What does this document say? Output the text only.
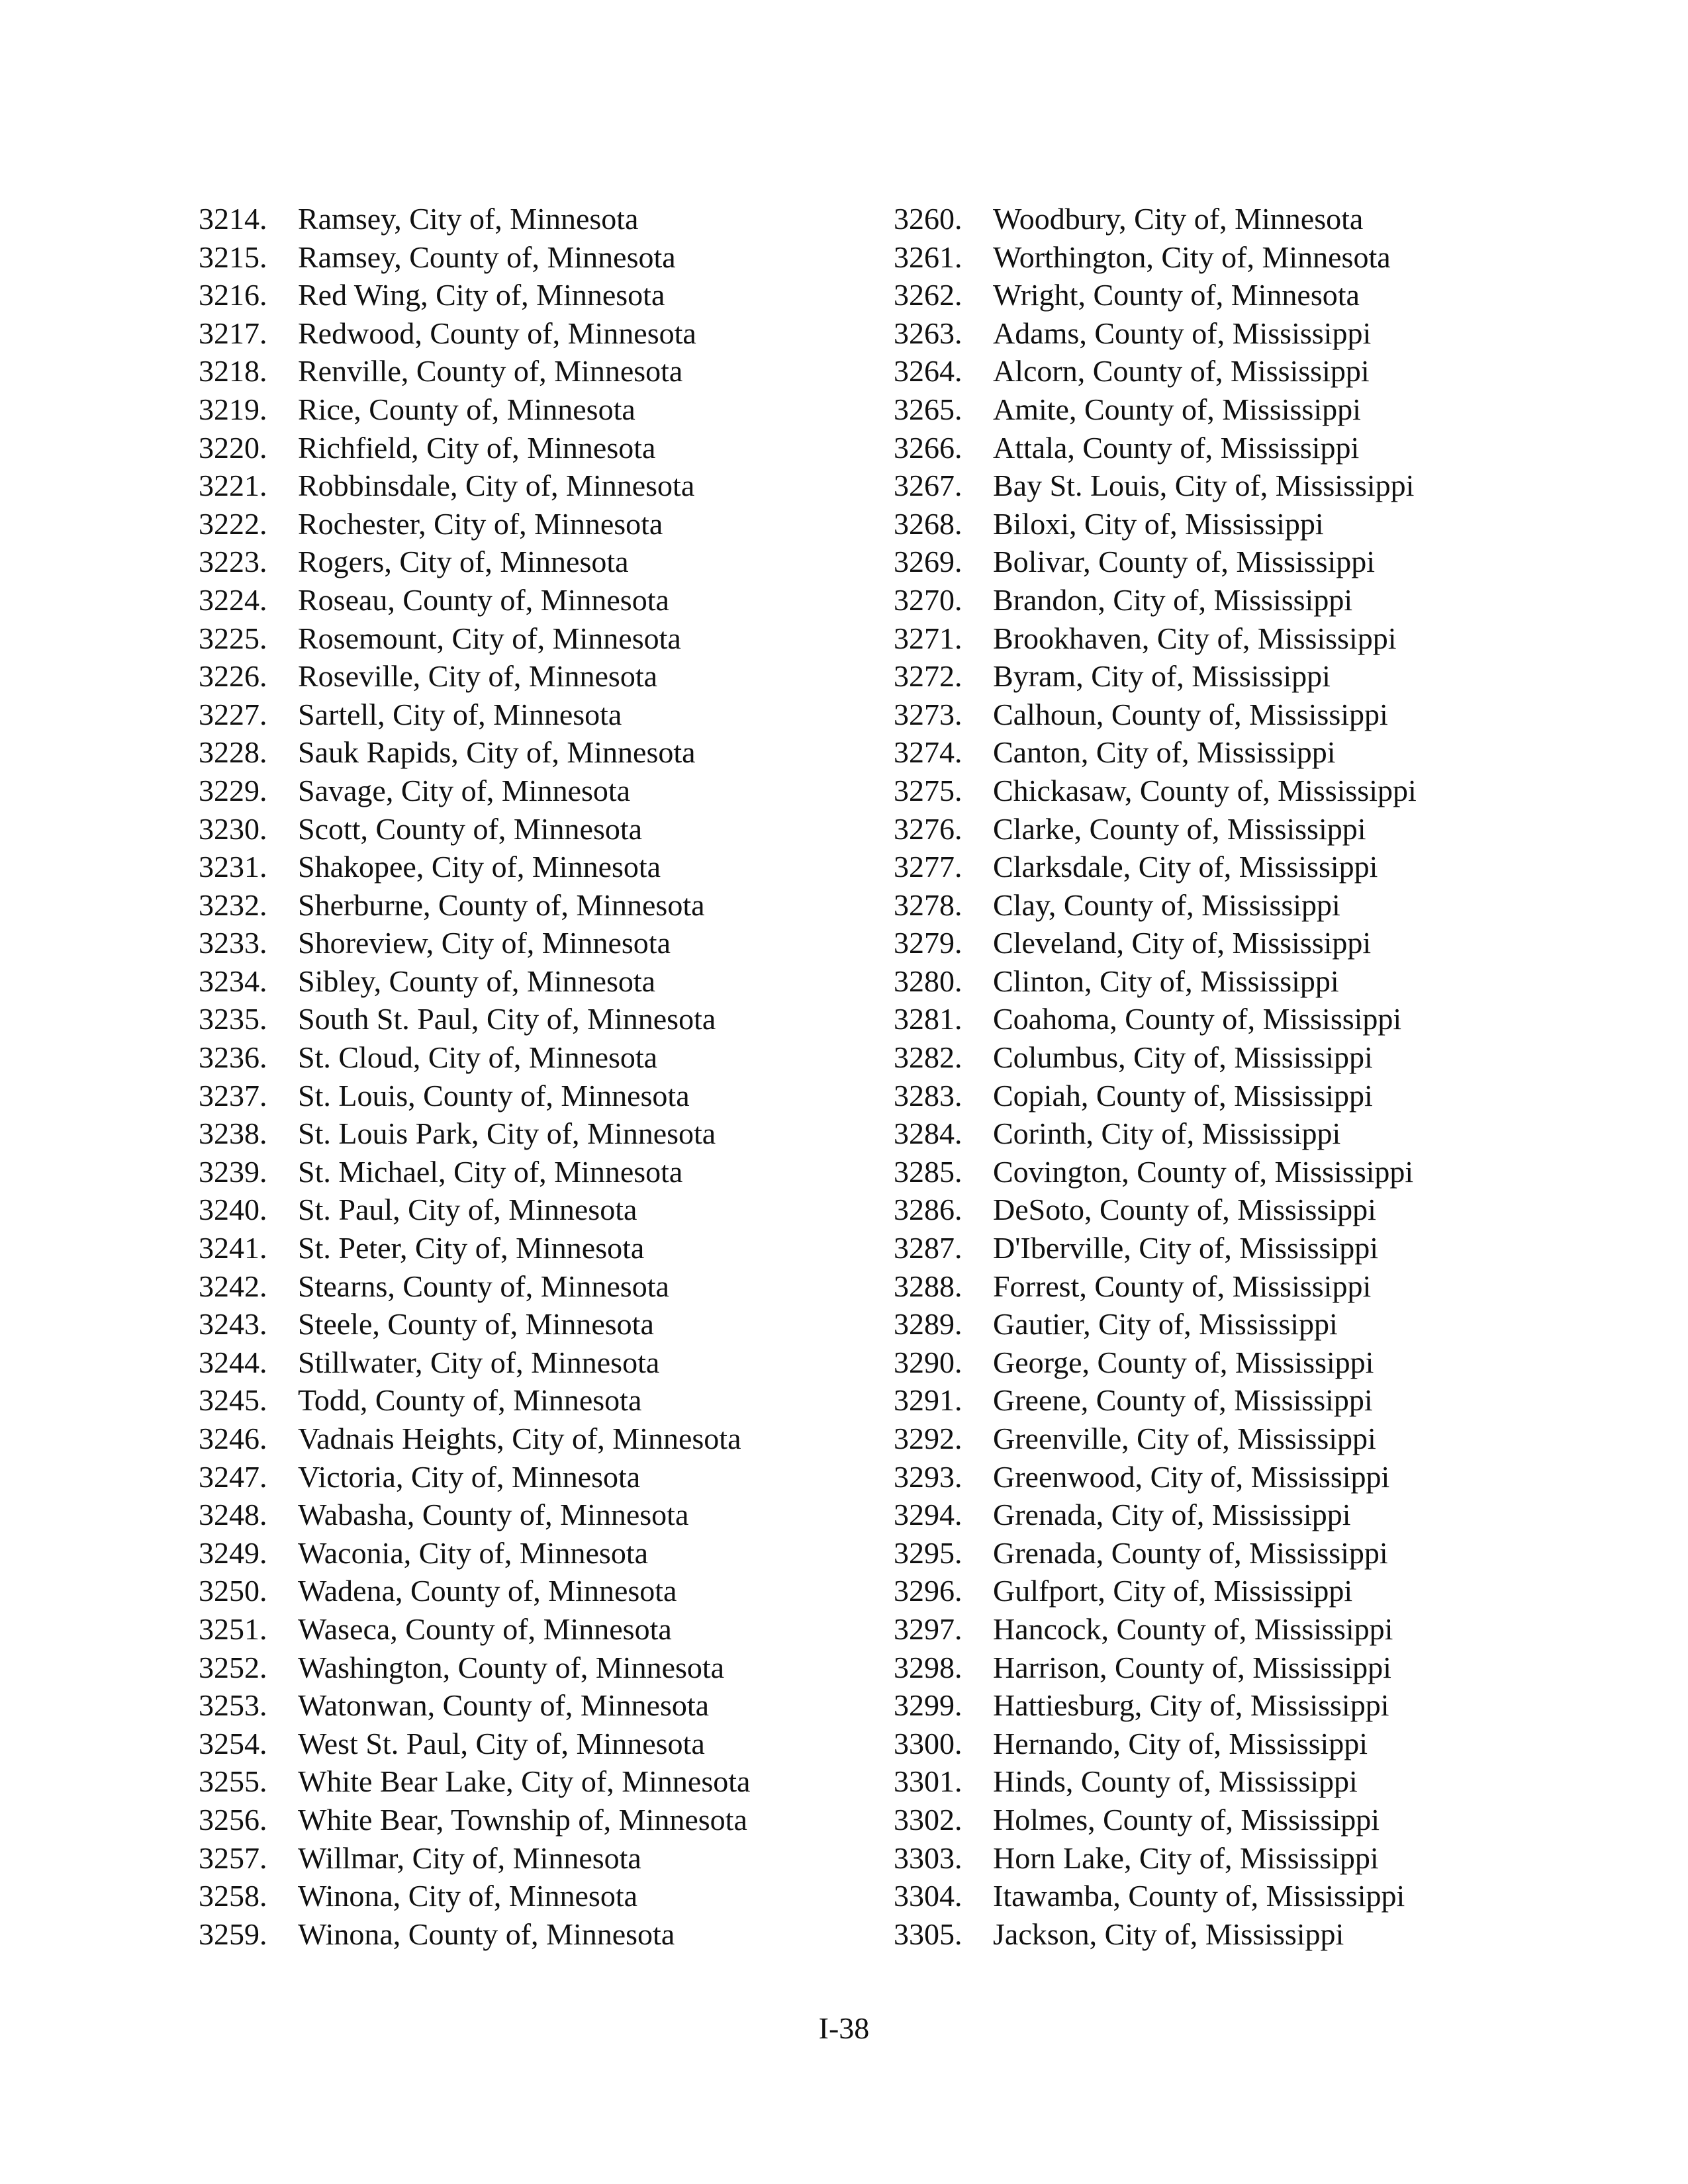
3214. Ramsey, City of, Minnesota
3215. Ramsey, County of, Minnesota
3216. Red Wing, City of, Minnesota
3217. Redwood, County of, Minnesota
3218. Renville, County of, Minnesota
3219. Rice, County of, Minnesota
3220. Richfield, City of, Minnesota
3221. Robbinsdale, City of, Minnesota
3222. Rochester, City of, Minnesota
3223. Rogers, City of, Minnesota
3224. Roseau, County of, Minnesota
3225. Rosemount, City of, Minnesota
3226. Roseville, City of, Minnesota
3227. Sartell, City of, Minnesota
3228. Sauk Rapids, City of, Minnesota
3229. Savage, City of, Minnesota
3230. Scott, County of, Minnesota
3231. Shakopee, City of, Minnesota
3232. Sherburne, County of, Minnesota
3233. Shoreview, City of, Minnesota
3234. Sibley, County of, Minnesota
3235. South St. Paul, City of, Minnesota
3236. St. Cloud, City of, Minnesota
3237. St. Louis, County of, Minnesota
3238. St. Louis Park, City of, Minnesota
3239. St. Michael, City of, Minnesota
3240. St. Paul, City of, Minnesota
3241. St. Peter, City of, Minnesota
3242. Stearns, County of, Minnesota
3243. Steele, County of, Minnesota
3244. Stillwater, City of, Minnesota
3245. Todd, County of, Minnesota
3246. Vadnais Heights, City of, Minnesota
3247. Victoria, City of, Minnesota
3248. Wabasha, County of, Minnesota
3249. Waconia, City of, Minnesota
3250. Wadena, County of, Minnesota
3251. Waseca, County of, Minnesota
3252. Washington, County of, Minnesota
3253. Watonwan, County of, Minnesota
3254. West St. Paul, City of, Minnesota
3255. White Bear Lake, City of, Minnesota
3256. White Bear, Township of, Minnesota
3257. Willmar, City of, Minnesota
3258. Winona, City of, Minnesota
3259. Winona, County of, Minnesota
3260. Woodbury, City of, Minnesota
3261. Worthington, City of, Minnesota
3262. Wright, County of, Minnesota
3263. Adams, County of, Mississippi
3264. Alcorn, County of, Mississippi
3265. Amite, County of, Mississippi
3266. Attala, County of, Mississippi
3267. Bay St. Louis, City of, Mississippi
3268. Biloxi, City of, Mississippi
3269. Bolivar, County of, Mississippi
3270. Brandon, City of, Mississippi
3271. Brookhaven, City of, Mississippi
3272. Byram, City of, Mississippi
3273. Calhoun, County of, Mississippi
3274. Canton, City of, Mississippi
3275. Chickasaw, County of, Mississippi
3276. Clarke, County of, Mississippi
3277. Clarksdale, City of, Mississippi
3278. Clay, County of, Mississippi
3279. Cleveland, City of, Mississippi
3280. Clinton, City of, Mississippi
3281. Coahoma, County of, Mississippi
3282. Columbus, City of, Mississippi
3283. Copiah, County of, Mississippi
3284. Corinth, City of, Mississippi
3285. Covington, County of, Mississippi
3286. DeSoto, County of, Mississippi
3287. D'Iberville, City of, Mississippi
3288. Forrest, County of, Mississippi
3289. Gautier, City of, Mississippi
3290. George, County of, Mississippi
3291. Greene, County of, Mississippi
3292. Greenville, City of, Mississippi
3293. Greenwood, City of, Mississippi
3294. Grenada, City of, Mississippi
3295. Grenada, County of, Mississippi
3296. Gulfport, City of, Mississippi
3297. Hancock, County of, Mississippi
3298. Harrison, County of, Mississippi
3299. Hattiesburg, City of, Mississippi
3300. Hernando, City of, Mississippi
3301. Hinds, County of, Mississippi
3302. Holmes, County of, Mississippi
3303. Horn Lake, City of, Mississippi
3304. Itawamba, County of, Mississippi
3305. Jackson, City of, Mississippi
I-38
